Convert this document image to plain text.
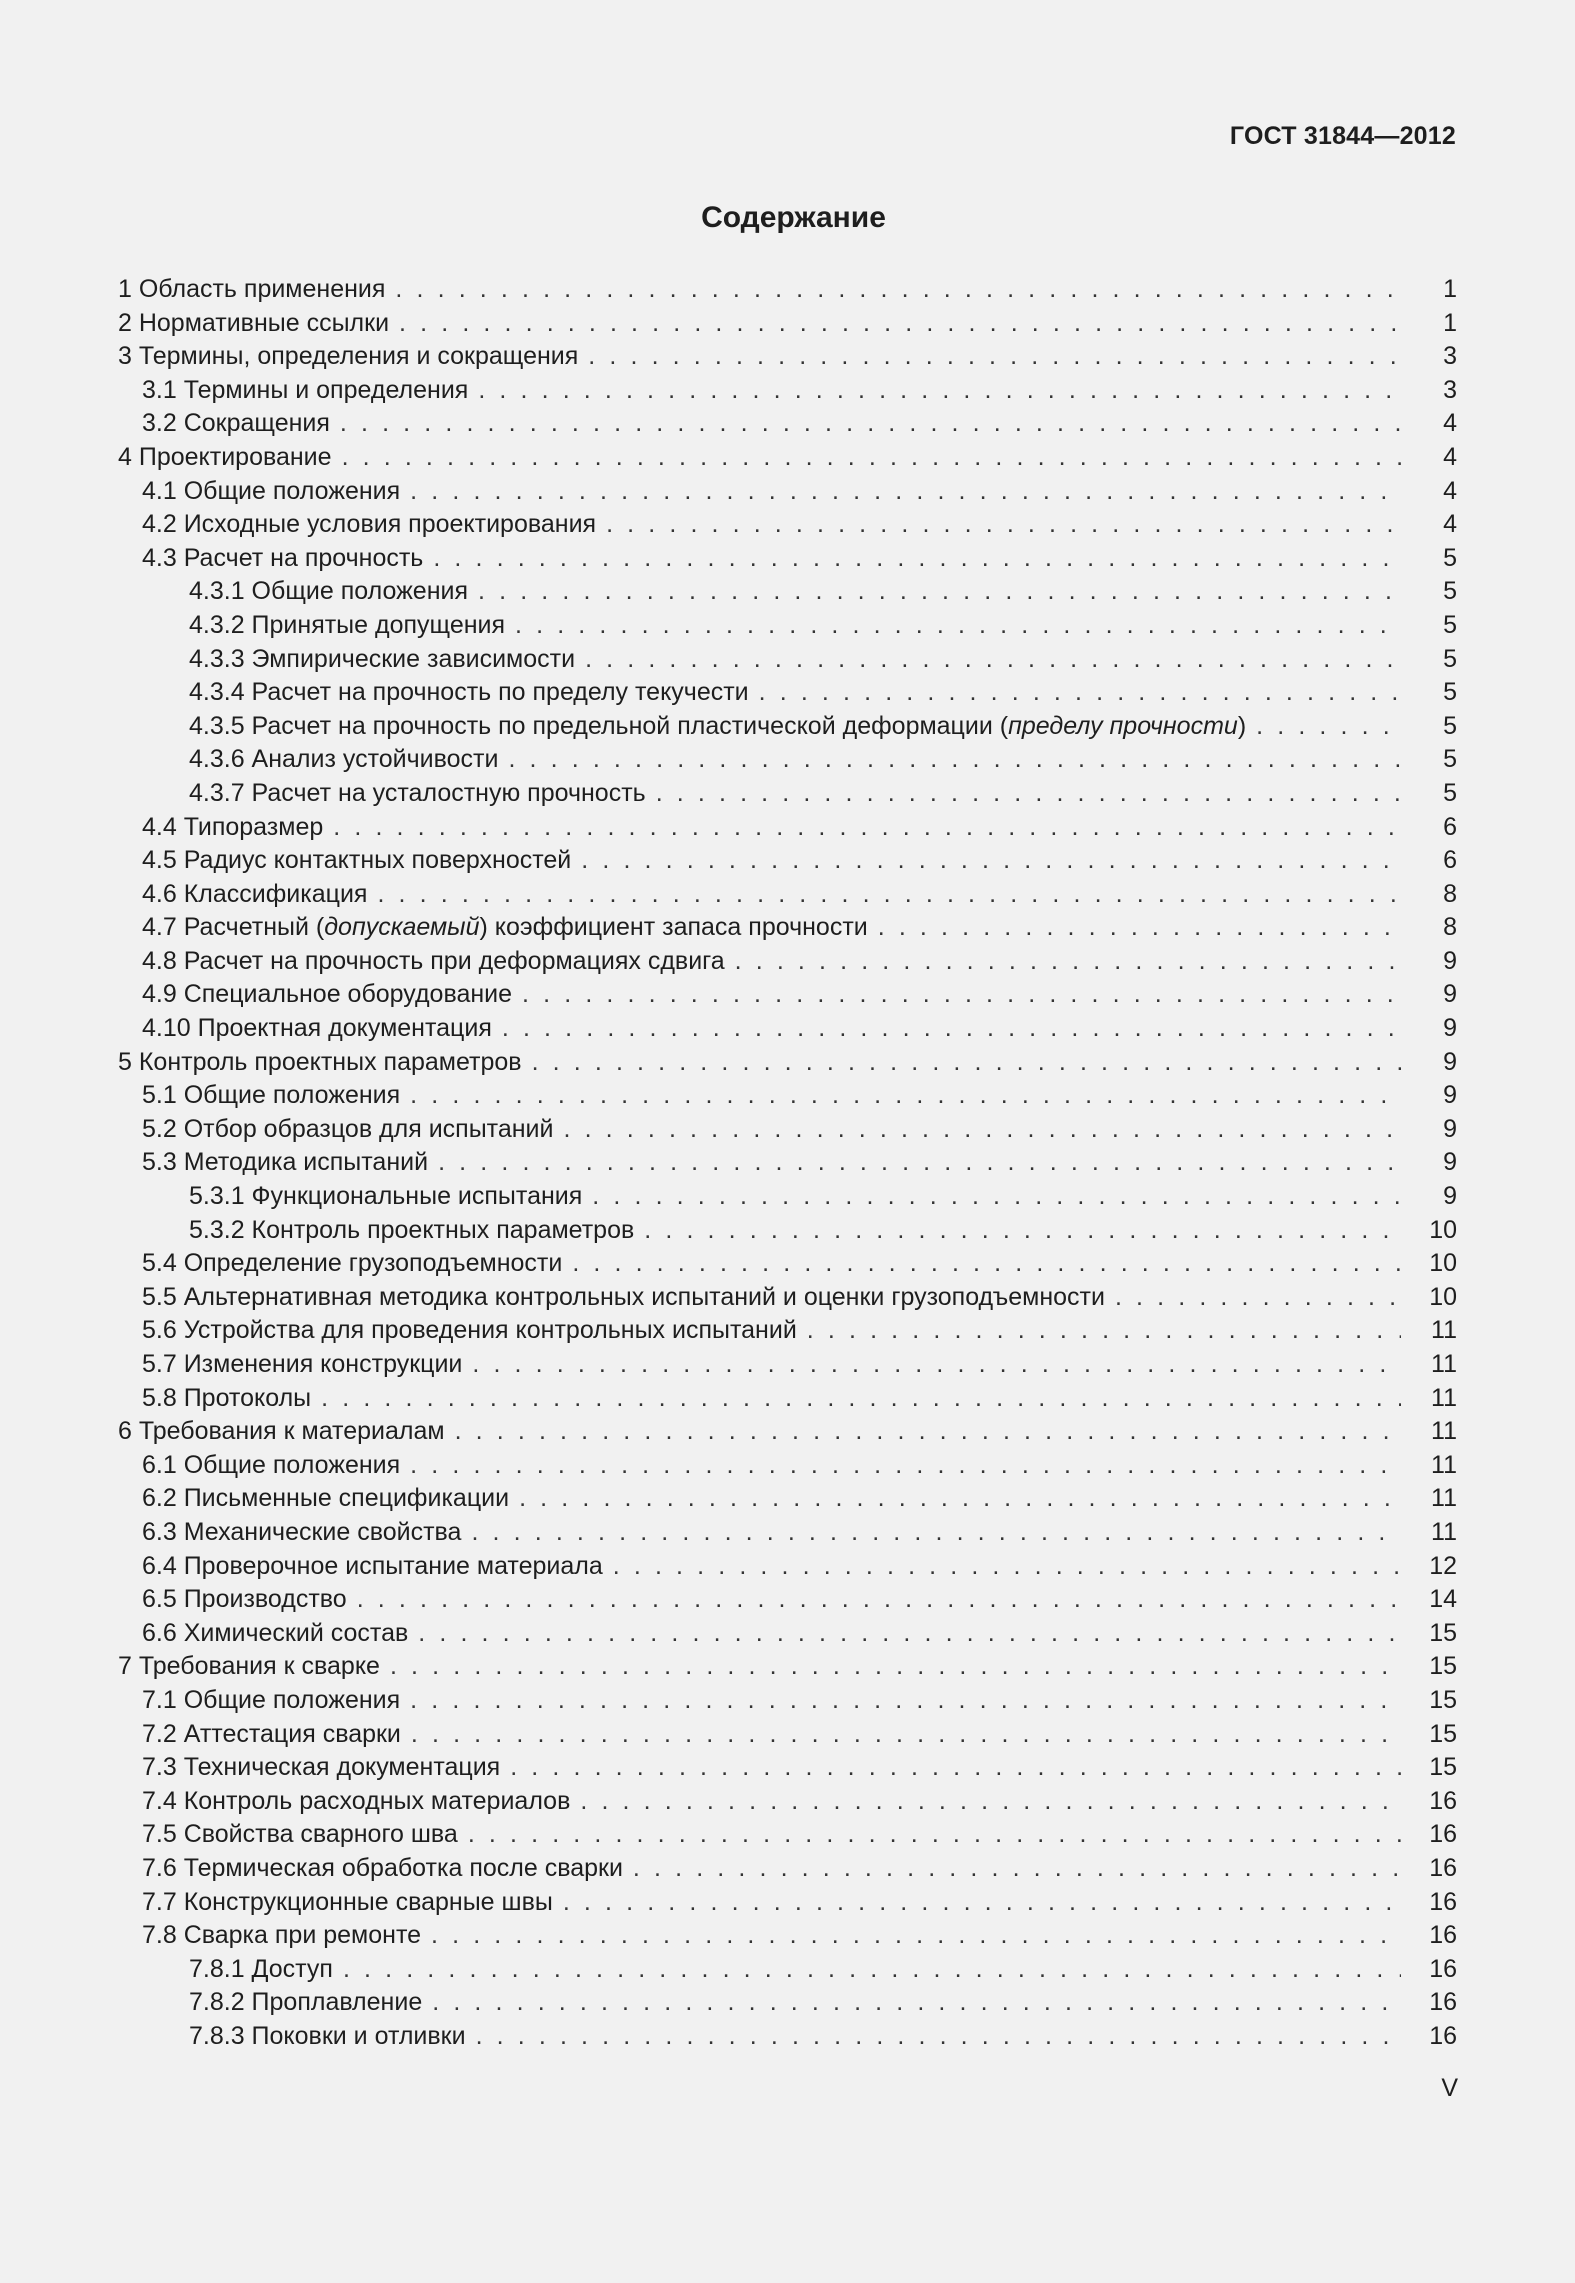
ГОСТ 31844—2012
Содержание
1 Область применения . . .	1
2 Нормативные ссылки . . .	1
3 Термины, определения и сокращения . . .	3
3.1 Термины и определения . . .	3
3.2 Сокращения . . .	4
4 Проектирование . . .	4
4.1 Общие положения . . .	4
4.2 Исходные условия проектирования . . .	4
4.3 Расчет на прочность . . .	5
4.3.1 Общие положения . . .	5
4.3.2 Принятые допущения . . .	5
4.3.3 Эмпирические зависимости . . .	5
4.3.4 Расчет на прочность по пределу текучести . . .	5
4.3.5 Расчет на прочность по предельной пластической деформации (пределу прочности) . . .	5
4.3.6 Анализ устойчивости . . .	5
4.3.7 Расчет на усталостную прочность . . .	5
4.4 Типоразмер . . .	6
4.5 Радиус контактных поверхностей . . .	6
4.6 Классификация . . .	8
4.7 Расчетный (допускаемый) коэффициент запаса прочности . . .	8
4.8 Расчет на прочность при деформациях сдвига . . .	9
4.9 Специальное оборудование . . .	9
4.10 Проектная документация . . .	9
5 Контроль проектных параметров . . .	9
5.1 Общие положения . . .	9
5.2 Отбор образцов для испытаний . . .	9
5.3 Методика испытаний . . .	9
5.3.1 Функциональные испытания . . .	9
5.3.2 Контроль проектных параметров . . .	10
5.4 Определение грузоподъемности . . .	10
5.5 Альтернативная методика контрольных испытаний и оценки грузоподъемности . . .	10
5.6 Устройства для проведения контрольных испытаний . . .	11
5.7 Изменения конструкции . . .	11
5.8 Протоколы . . .	11
6 Требования к материалам . . .	11
6.1 Общие положения . . .	11
6.2 Письменные спецификации . . .	11
6.3 Механические свойства . . .	11
6.4 Проверочное испытание материала . . .	12
6.5 Производство . . .	14
6.6 Химический состав . . .	15
7 Требования к сварке . . .	15
7.1 Общие положения . . .	15
7.2 Аттестация сварки . . .	15
7.3 Техническая документация . . .	15
7.4 Контроль расходных материалов . . .	16
7.5 Свойства сварного шва . . .	16
7.6 Термическая обработка после сварки . . .	16
7.7 Конструкционные сварные швы . . .	16
7.8 Сварка при ремонте . . .	16
7.8.1 Доступ . . .	16
7.8.2 Проплавление . . .	16
7.8.3 Поковки и отливки . . .	16
V
